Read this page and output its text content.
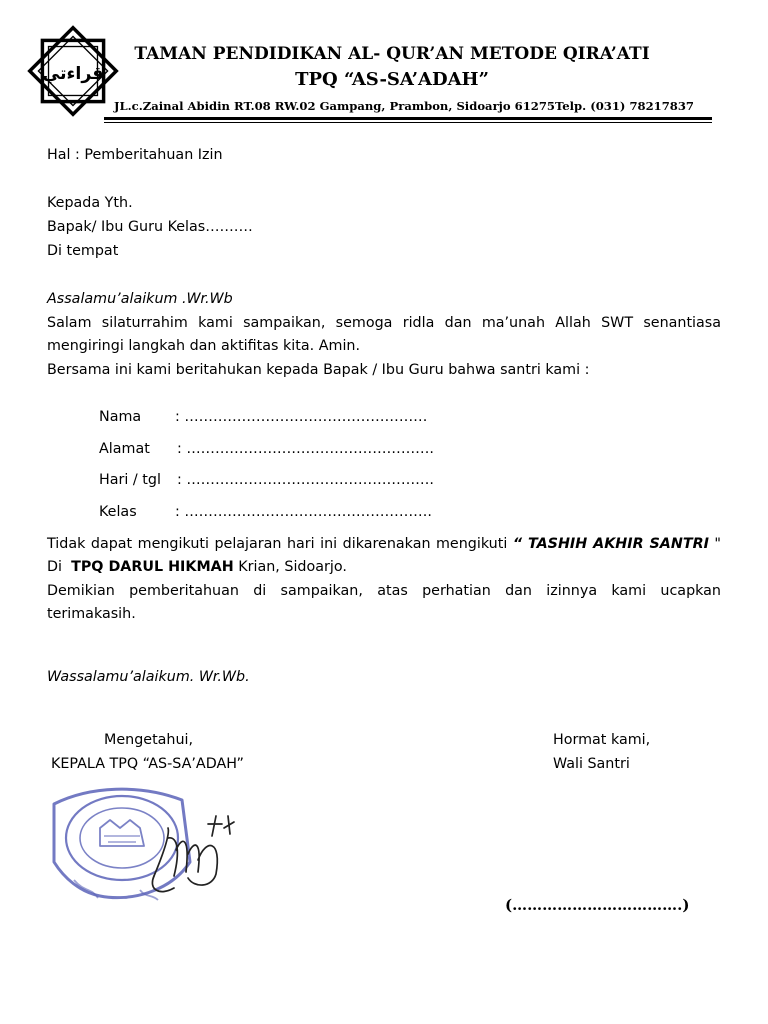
قراءتي
TAMAN PENDIDIKAN AL- QUR’AN METODE QIRA’ATI
TPQ “AS-SA’ADAH”
JL.c.Zainal Abidin RT.08 RW.02 Gampang, Prambon, Sidoarjo 61275Telp. (031) 78217837
Hal : Pemberitahuan Izin
Kepada Yth.
Bapak/ Ibu Guru Kelas……….
Di tempat
Assalamu’alaikum .Wr.Wb
Salam silaturrahim kami sampaikan, semoga ridla dan ma’unah Allah SWT senantiasa mengiringi langkah dan aktifitas kita. Amin.
Bersama ini kami beritahukan kepada Bapak / Ibu Guru bahwa santri kami :
Nama : ……………………………………………
Alamat : …………………………………………….
Hari / tgl : …………………………………………….
Kelas	: …………………………………………….
Tidak dapat mengikuti pelajaran hari ini dikarenakan mengikuti “ TASHIH AKHIR SANTRI "
Di TPQ DARUL HIKMAH Krian, Sidoarjo.
Demikian pemberitahuan di sampaikan, atas perhatian dan izinnya kami ucapkan terimakasih.
Wassalamu’alaikum. Wr.Wb.
Mengetahui,
KEPALA TPQ “AS-SA’ADAH”
Hormat kami,
Wali Santri
(…………………………….)
